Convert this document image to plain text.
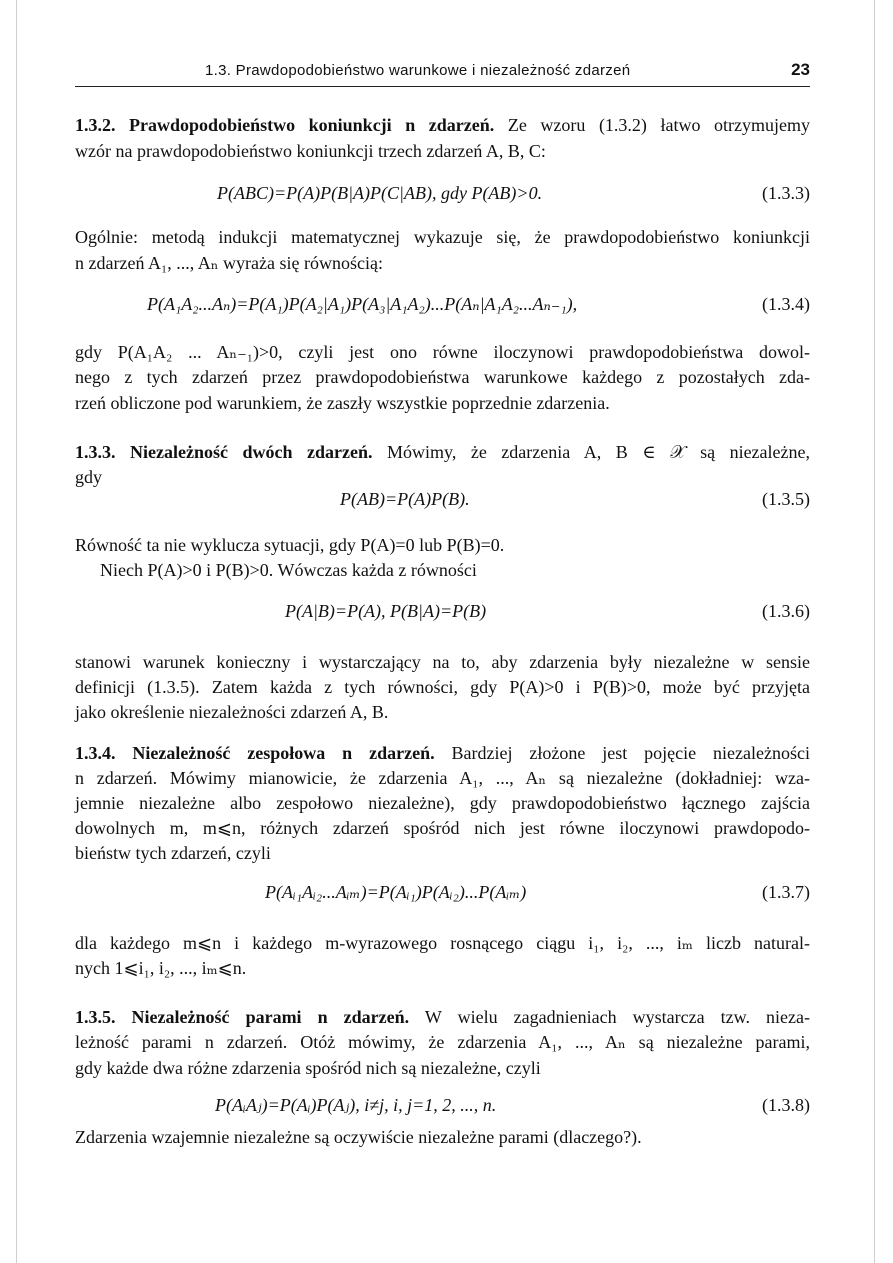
1.3. Prawdopodobieństwo warunkowe i niezależność zdarzeń	23
1.3.2. Prawdopodobieństwo koniunkcji n zdarzeń. Ze wzoru (1.3.2) łatwo otrzymujemy
wzór na prawdopodobieństwo koniunkcji trzech zdarzeń A, B, C:
P(ABC)=P(A)P(B|A)P(C|AB), gdy P(AB)>0.	(1.3.3)
Ogólnie: metodą indukcji matematycznej wykazuje się, że prawdopodobieństwo koniunkcji
n zdarzeń A₁, ..., Aₙ wyraża się równością:
P(A₁A₂...Aₙ)=P(A₁)P(A₂|A₁)P(A₃|A₁A₂)...P(Aₙ|A₁A₂...Aₙ₋₁),	(1.3.4)
gdy P(A₁A₂ ... Aₙ₋₁)>0, czyli jest ono równe iloczynowi prawdopodobieństwa dowol-
nego z tych zdarzeń przez prawdopodobieństwa warunkowe każdego z pozostałych zda-
rzeń obliczone pod warunkiem, że zaszły wszystkie poprzednie zdarzenia.
1.3.3. Niezależność dwóch zdarzeń. Mówimy, że zdarzenia A, B ∈ 𝒳 są niezależne,
gdy
P(AB)=P(A)P(B).	(1.3.5)
Równość ta nie wyklucza sytuacji, gdy P(A)=0 lub P(B)=0.
Niech P(A)>0 i P(B)>0. Wówczas każda z równości
P(A|B)=P(A), P(B|A)=P(B)	(1.3.6)
stanowi warunek konieczny i wystarczający na to, aby zdarzenia były niezależne w sensie
definicji (1.3.5). Zatem każda z tych równości, gdy P(A)>0 i P(B)>0, może być przyjęta
jako określenie niezależności zdarzeń A, B.
1.3.4. Niezależność zespołowa n zdarzeń. Bardziej złożone jest pojęcie niezależności
n zdarzeń. Mówimy mianowicie, że zdarzenia A₁, ..., Aₙ są niezależne (dokładniej: wza-
jemnie niezależne albo zespołowo niezależne), gdy prawdopodobieństwo łącznego zajścia
dowolnych m, m⩽n, różnych zdarzeń spośród nich jest równe iloczynowi prawdopodo-
bieństw tych zdarzeń, czyli
P(Aᵢ₁Aᵢ₂...Aᵢₘ)=P(Aᵢ₁)P(Aᵢ₂)...P(Aᵢₘ)	(1.3.7)
dla każdego m⩽n i każdego m-wyrazowego rosnącego ciągu i₁, i₂, ..., iₘ liczb natural-
nych 1⩽i₁, i₂, ..., iₘ⩽n.
1.3.5. Niezależność parami n zdarzeń. W wielu zagadnieniach wystarcza tzw. nieza-
leżność parami n zdarzeń. Otóż mówimy, że zdarzenia A₁, ..., Aₙ są niezależne parami,
gdy każde dwa różne zdarzenia spośród nich są niezależne, czyli
P(AᵢAⱼ)=P(Aᵢ)P(Aⱼ), i≠j, i, j=1, 2, ..., n.	(1.3.8)
Zdarzenia wzajemnie niezależne są oczywiście niezależne parami (dlaczego?).
